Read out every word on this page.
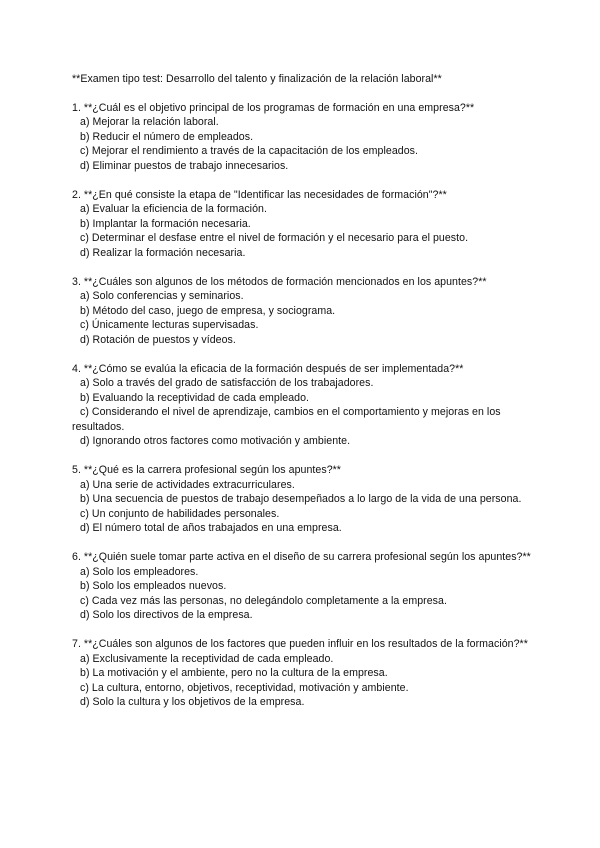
**Examen tipo test: Desarrollo del talento y finalización de la relación laboral**
1. **¿Cuál es el objetivo principal de los programas de formación en una empresa?**
a) Mejorar la relación laboral.
b) Reducir el número de empleados.
c) Mejorar el rendimiento a través de la capacitación de los empleados.
d) Eliminar puestos de trabajo innecesarios.
2. **¿En qué consiste la etapa de "Identificar las necesidades de formación"?**
a) Evaluar la eficiencia de la formación.
b) Implantar la formación necesaria.
c) Determinar el desfase entre el nivel de formación y el necesario para el puesto.
d) Realizar la formación necesaria.
3. **¿Cuáles son algunos de los métodos de formación mencionados en los apuntes?**
a) Solo conferencias y seminarios.
b) Método del caso, juego de empresa, y sociograma.
c) Únicamente lecturas supervisadas.
d) Rotación de puestos y vídeos.
4. **¿Cómo se evalúa la eficacia de la formación después de ser implementada?**
a) Solo a través del grado de satisfacción de los trabajadores.
b) Evaluando la receptividad de cada empleado.
c) Considerando el nivel de aprendizaje, cambios en el comportamiento y mejoras en los resultados.
d) Ignorando otros factores como motivación y ambiente.
5. **¿Qué es la carrera profesional según los apuntes?**
a) Una serie de actividades extracurriculares.
b) Una secuencia de puestos de trabajo desempeñados a lo largo de la vida de una persona.
c) Un conjunto de habilidades personales.
d) El número total de años trabajados en una empresa.
6. **¿Quién suele tomar parte activa en el diseño de su carrera profesional según los apuntes?**
a) Solo los empleadores.
b) Solo los empleados nuevos.
c) Cada vez más las personas, no delegándolo completamente a la empresa.
d) Solo los directivos de la empresa.
7. **¿Cuáles son algunos de los factores que pueden influir en los resultados de la formación?**
a) Exclusivamente la receptividad de cada empleado.
b) La motivación y el ambiente, pero no la cultura de la empresa.
c) La cultura, entorno, objetivos, receptividad, motivación y ambiente.
d) Solo la cultura y los objetivos de la empresa.
